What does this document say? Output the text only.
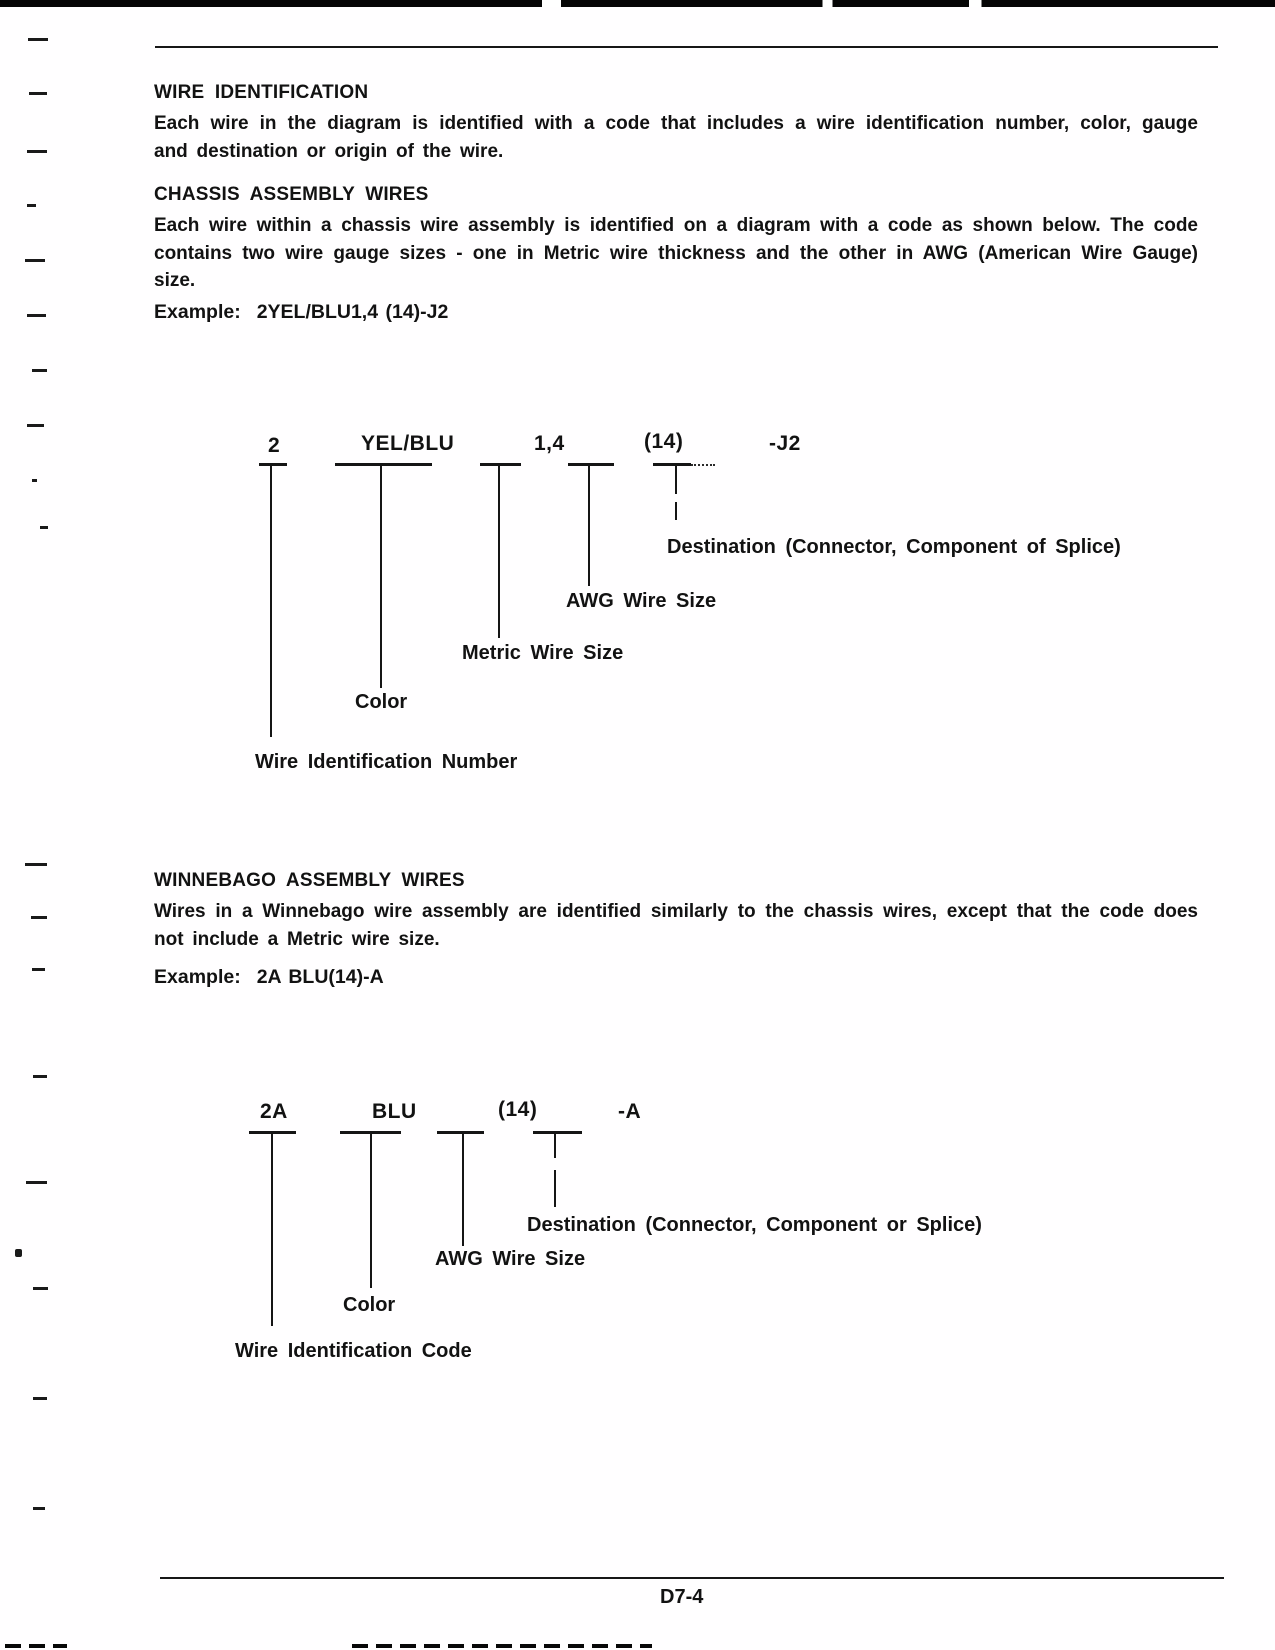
WIRE IDENTIFICATION

Each wire in the diagram is identified with a code that includes a wire identification number, color, gauge and destination or origin of the wire.

CHASSIS ASSEMBLY WIRES

Each wire within a chassis wire assembly is identified on a diagram with a code as shown below. The code contains two wire gauge sizes - one in Metric wire thickness and the other in AWG (American Wire Gauge) size.

Example: 2YEL/BLU1,4 (14)-J2
2	YEL/BLU	1,4	(14)	-J2
Destination (Connector, Component of Splice)
AWG Wire Size
Metric Wire Size
Color
Wire Identification Number
WINNEBAGO ASSEMBLY WIRES

Wires in a Winnebago wire assembly are identified similarly to the chassis wires, except that the code does not include a Metric wire size.

Example: 2A BLU(14)-A
2A	BLU	(14)	-A
Destination (Connector, Component or Splice)
AWG Wire Size
Color
Wire Identification Code
D7-4
